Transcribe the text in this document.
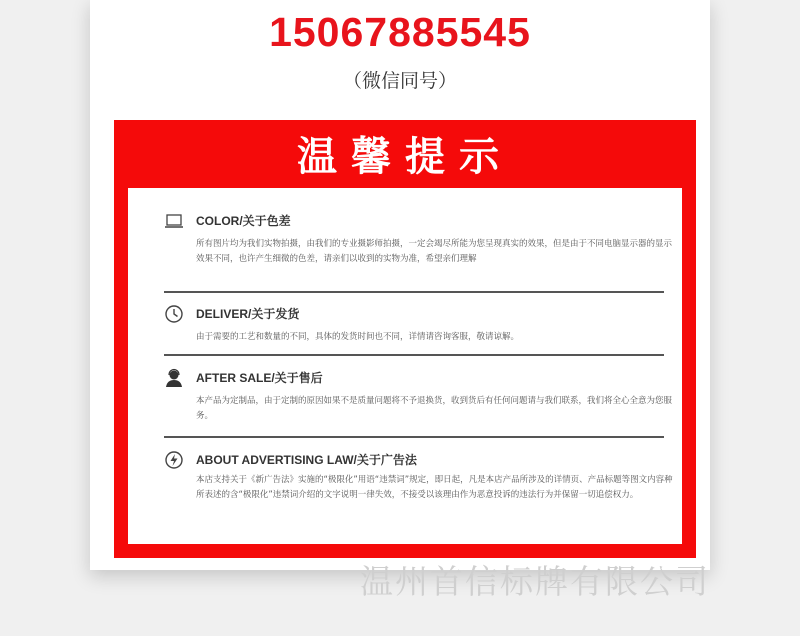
15067885545
（微信同号）
温馨提示
COLOR/关于色差
所有图片均为我们实物拍摄，由我们的专业摄影师拍摄，一定会竭尽所能为您呈现真实的效果，但是由于不同电脑显示器的显示效果不同，也许产生细微的色差，请亲们以收到的实物为准，希望亲们理解
DELIVER/关于发货
由于需要的工艺和数量的不同，具体的发货时间也不同，详情请咨询客服，敬请谅解。
AFTER SALE/关于售后
本产品为定制品，由于定制的原因如果不是质量问题将不予退换货，收到货后有任何问题请与我们联系，我们将全心全意为您服务。
ABOUT ADVERTISING LAW/关于广告法
本店支持关于《新广告法》实施的“极限化”用语“违禁词”规定，即日起，凡是本店产品所涉及的详情页、产品标题等图文内容种所表述的含“极限化”违禁词介绍的文字说明一律失效，不接受以该理由作为恶意投诉的违法行为并保留一切追偿权力。
温州首信标牌有限公司
